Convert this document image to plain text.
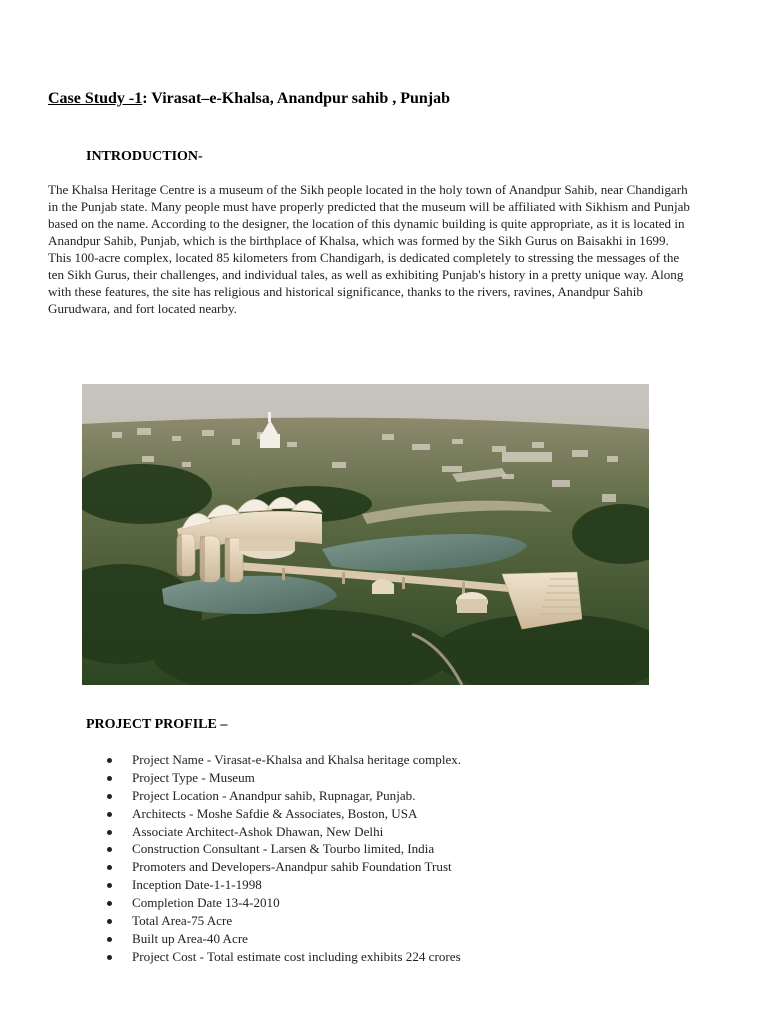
Case Study -1: Virasat–e-Khalsa, Anandpur sahib , Punjab
INTRODUCTION-

The Khalsa Heritage Centre is a museum of the Sikh people located in the holy town of Anandpur Sahib, near Chandigarh in the Punjab state. Many people must have properly predicted that the museum will be affiliated with Sikhism and Punjab based on the name. According to the designer, the location of this dynamic building is quite appropriate, as it is located in Anandpur Sahib, Punjab, which is the birthplace of Khalsa, which was formed by the Sikh Gurus on Baisakhi in 1699. This 100-acre complex, located 85 kilometers from Chandigarh, is dedicated completely to stressing the messages of the ten Sikh Gurus, their challenges, and individual tales, as well as exhibiting Punjab's history in a pretty unique way. Along with these features, the site has religious and historical significance, thanks to the rivers, ravines, Anandpur Sahib Gurudwara, and fort located nearby.

PROJECT PROFILE –
Project Name - Virasat-e-Khalsa and Khalsa heritage complex.
Project Type - Museum
Project Location - Anandpur sahib, Rupnagar, Punjab.
Architects - Moshe Safdie & Associates, Boston, USA
Associate Architect-Ashok Dhawan, New Delhi
Construction Consultant - Larsen & Tourbo limited, India
Promoters and Developers-Anandpur sahib Foundation Trust
Inception Date-1-1-1998
Completion Date 13-4-2010
Total Area-75 Acre
Built up Area-40 Acre
Project Cost - Total estimate cost including exhibits 224 crores
